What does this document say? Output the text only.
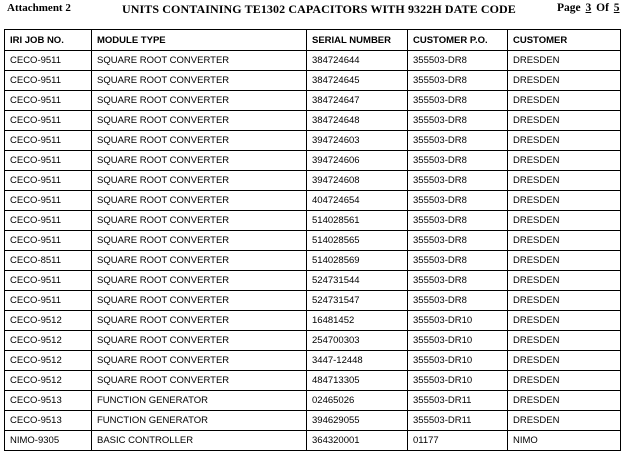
Attachment 2	UNITS CONTAINING TE1302 CAPACITORS WITH 9322H DATE CODE	Page 3 Of 5
IRI JOB NO.	MODULE TYPE	SERIAL NUMBER	CUSTOMER P.O.	CUSTOMER
CECO-9511	SQUARE ROOT CONVERTER	384724644	355503-DR8	DRESDEN
CECO-9511	SQUARE ROOT CONVERTER	384724645	355503-DR8	DRESDEN
CECO-9511	SQUARE ROOT CONVERTER	384724647	355503-DR8	DRESDEN
CECO-9511	SQUARE ROOT CONVERTER	384724648	355503-DR8	DRESDEN
CECO-9511	SQUARE ROOT CONVERTER	394724603	355503-DR8	DRESDEN
CECO-9511	SQUARE ROOT CONVERTER	394724606	355503-DR8	DRESDEN
CECO-9511	SQUARE ROOT CONVERTER	394724608	355503-DR8	DRESDEN
CECO-9511	SQUARE ROOT CONVERTER	404724654	355503-DR8	DRESDEN
CECO-9511	SQUARE ROOT CONVERTER	514028561	355503-DR8	DRESDEN
CECO-9511	SQUARE ROOT CONVERTER	514028565	355503-DR8	DRESDEN
CECO-8511	SQUARE ROOT CONVERTER	514028569	355503-DR8	DRESDEN
CECO-9511	SQUARE ROOT CONVERTER	524731544	355503-DR8	DRESDEN
CECO-9511	SQUARE ROOT CONVERTER	524731547	355503-DR8	DRESDEN
CECO-9512	SQUARE ROOT CONVERTER	16481452	355503-DR10	DRESDEN
CECO-9512	SQUARE ROOT CONVERTER	254700303	355503-DR10	DRESDEN
CECO-9512	SQUARE ROOT CONVERTER	3447-12448	355503-DR10	DRESDEN
CECO-9512	SQUARE ROOT CONVERTER	484713305	355503-DR10	DRESDEN
CECO-9513	FUNCTION GENERATOR	02465026	355503-DR11	DRESDEN
CECO-9513	FUNCTION GENERATOR	394629055	355503-DR11	DRESDEN
NIMO-9305	BASIC CONTROLLER	364320001	01177	NIMO
